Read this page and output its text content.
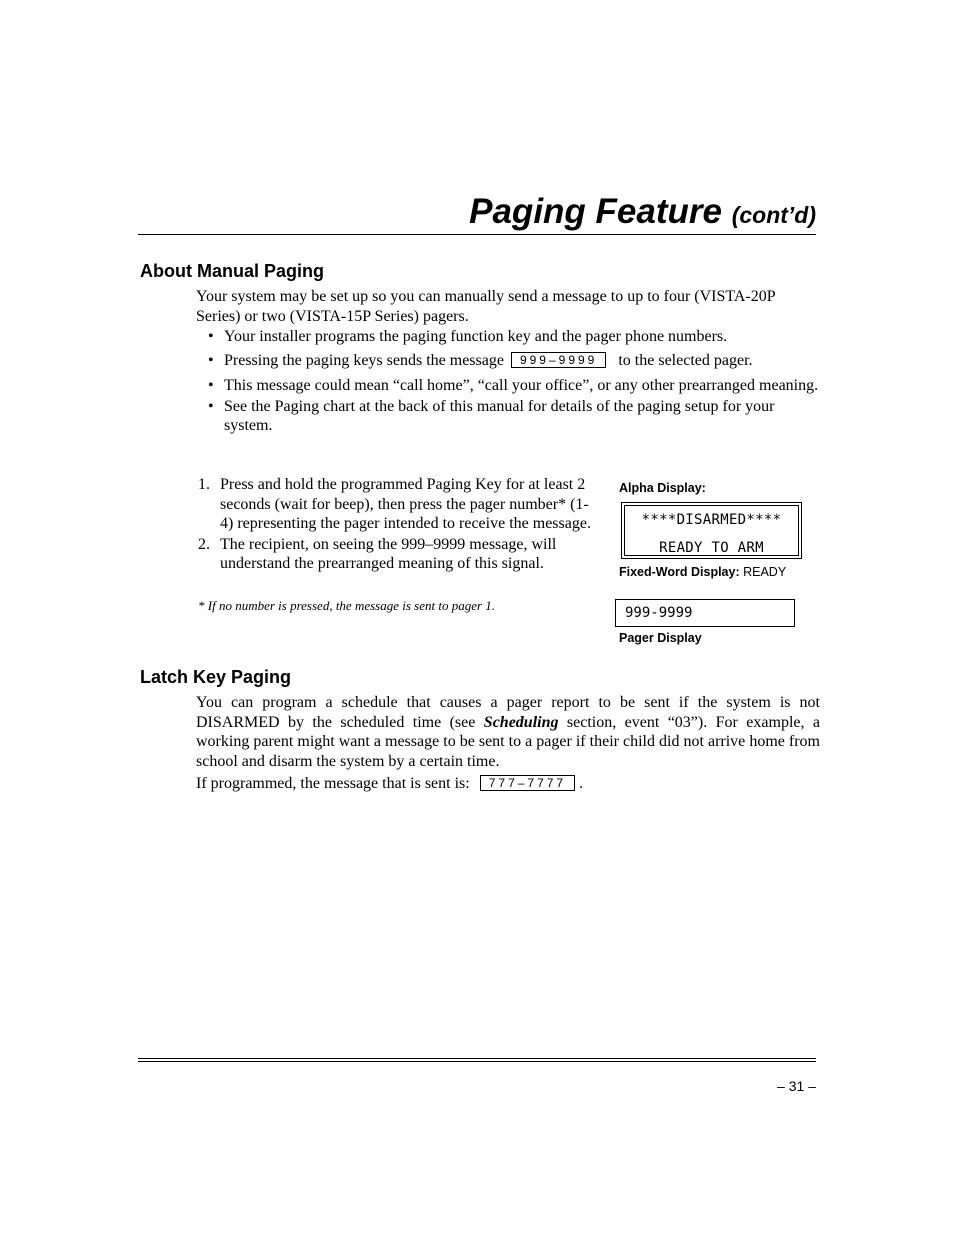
Paging Feature (cont’d)
About Manual Paging
Your system may be set up so you can manually send a message to up to four (VISTA-20P Series) or two (VISTA-15P Series) pagers.
• Your installer programs the paging function key and the pager phone numbers.
• Pressing the paging keys sends the message 999–9999 to the selected pager.
• This message could mean “call home”, “call your office”, or any other prearranged meaning.
• See the Paging chart at the back of this manual for details of the paging setup for your system.
1. Press and hold the programmed Paging Key for at least 2 seconds (wait for beep), then press the pager number* (1-4) representing the pager intended to receive the message.
2. The recipient, on seeing the 999–9999 message, will understand the prearranged meaning of this signal.
* If no number is pressed, the message is sent to pager 1.
Alpha Display:
****DISARMED****
READY TO ARM
Fixed-Word Display: READY
999-9999
Pager Display
Latch Key Paging
You can program a schedule that causes a pager report to be sent if the system is not DISARMED by the scheduled time (see Scheduling section, event “03”). For example, a working parent might want a message to be sent to a pager if their child did not arrive home from school and disarm the system by a certain time.
If programmed, the message that is sent is: 777–7777 .
– 31 –
